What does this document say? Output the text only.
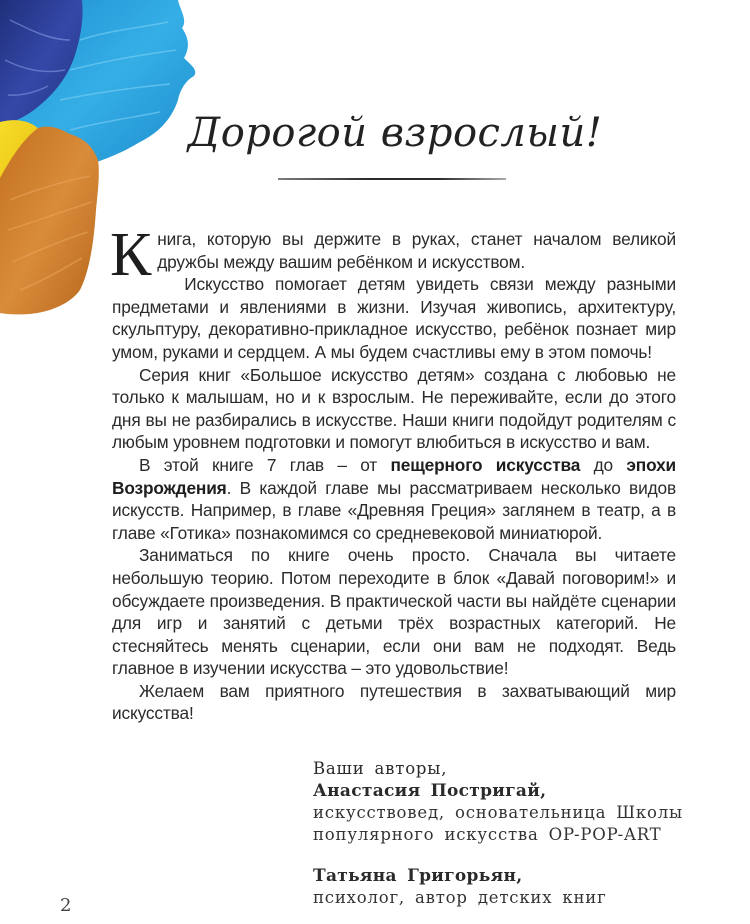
Дорогой взрослый!

Книга, которую вы держите в руках, станет началом великой дружбы между вашим ребёнком и искусством.

Искусство помогает детям увидеть связи между разными предметами и явлениями в жизни. Изучая живопись, архитектуру, скульптуру, декоративно-прикладное искусство, ребёнок познает мир умом, руками и сердцем. А мы будем счастливы ему в этом помочь!

Серия книг «Большое искусство детям» создана с любовью не только к малышам, но и к взрослым. Не переживайте, если до этого дня вы не разбирались в искусстве. Наши книги подойдут родителям с любым уровнем подготовки и помогут влюбиться в искусство и вам.

В этой книге 7 глав – от пещерного искусства до эпохи Возрождения. В каждой главе мы рассматриваем несколько видов искусств. Например, в главе «Древняя Греция» заглянем в театр, а в главе «Готика» познакомимся со средневековой миниатюрой.

Заниматься по книге очень просто. Сначала вы читаете небольшую теорию. Потом переходите в блок «Давай поговорим!» и обсуждаете произведения. В практической части вы найдёте сценарии для игр и занятий с детьми трёх возрастных категорий. Не стесняйтесь менять сценарии, если они вам не подходят. Ведь главное в изучении искусства – это удовольствие!

Желаем вам приятного путешествия в захватывающий мир искусства!

Ваши авторы,
Анастасия Постригай,
искусствовед, основательница Школы
популярного искусства OP-POP-ART
Татьяна Григорьян,
психолог, автор детских книг
2
